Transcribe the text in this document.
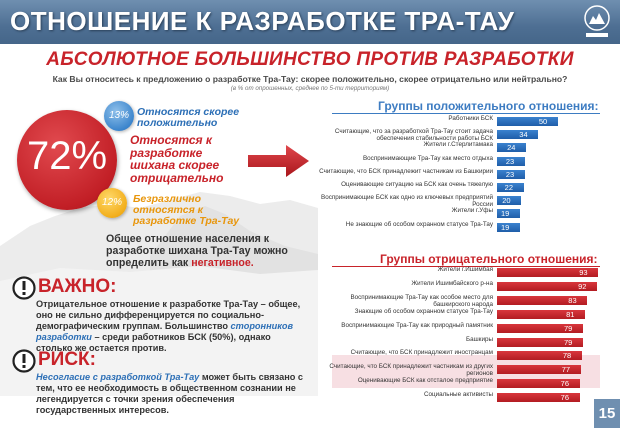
ОТНОШЕНИЕ К РАЗРАБОТКЕ ТРА-ТАУ
АБСОЛЮТНОЕ БОЛЬШИНСТВО ПРОТИВ РАЗРАБОТКИ
Как Вы относитесь к предложению о разработке Тра-Тау: скорее положительно, скорее отрицательно или нейтрально?
(в % от опрошенных, среднее по 5-ти территориям)
72%
13%
12%
Относятся скорее положительно
Относятся к разработке шихана скорее отрицательно
Безразлично относятся к разработке Тра-Тау
Общее отношение населения к разработке шихана Тра-Тау можно определить как негативное.
ВАЖНО:
Отрицательное отношение к разработке Тра-Тау – общее, оно не сильно дифференцируется по социально-демографическим группам. Большинство сторонников разработки – среди работников БСК (50%), однако столько же остается против.
РИСК:
Несогласие с разработкой Тра-Тау может быть связано с тем, что ее необходимость в общественном сознании не легендируется с точки зрения обеспечения государственных интересов.
Группы положительного отношения:
Группы отрицательного отношения:
Работники БСК	50
Считающие, что за разработкой Тра-Тау стоит задача обеспечения стабильности работы БСК	34
Жители г.Стерлитамака	24
Воспринимающие Тра-Тау как место отдыха	23
Считающие, что БСК принадлежит частникам из Башкирии	23
Оценивающие ситуацию на БСК как очень тяжелую	22
Воспринимающие БСК как одно из ключевых предприятий России	20
Жители г.Уфы	19
Не знающие об особом охранном статусе Тра-Тау	19
Жители г.Ишимбая	93
Жители Ишимбайского р-на	92
Воспринимающие Тра-Тау как особое место для башкирского народа	83
Знающие об особом охранном статусе Тра-Тау	81
Воспринимающие Тра-Тау как природный памятник	79
Башкиры	79
Считающие, что БСК принадлежит иностранцам	78
Считающие, что БСК принадлежит частникам из других регионов	77
Оценивающие БСК как отсталое предприятие	76
Социальные активисты	76
15
